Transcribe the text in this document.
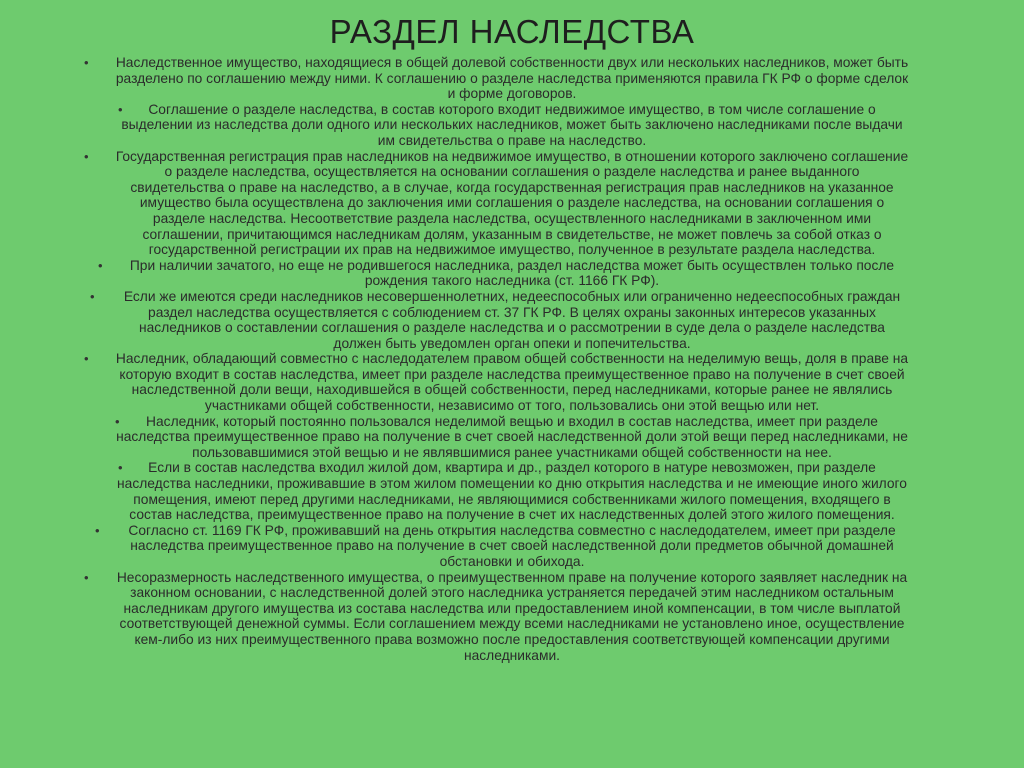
РАЗДЕЛ НАСЛЕДСТВА
•	Наследственное имущество, находящиеся в общей долевой собственности двух или нескольких наследников, может быть
разделено по соглашению между ними. К соглашению о разделе наследства применяются правила ГК РФ о форме сделок
и форме договоров.
•	Соглашение о разделе наследства, в состав которого входит недвижимое имущество, в том числе соглашение о
выделении из наследства доли одного или нескольких наследников, может быть заключено наследниками после выдачи
им свидетельства о праве на наследство.
•	Государственная регистрация прав наследников на недвижимое имущество, в отношении которого заключено соглашение
о разделе наследства, осуществляется на основании соглашения о разделе наследства и ранее выданного
свидетельства о праве на наследство, а в случае, когда государственная регистрация прав наследников на указанное
имущество была осуществлена до заключения ими соглашения о разделе наследства, на основании соглашения о
разделе наследства. Несоответствие раздела наследства, осуществленного наследниками в заключенном ими
соглашении, причитающимся наследникам долям, указанным в свидетельстве, не может повлечь за собой отказ о
государственной регистрации их прав на недвижимое имущество, полученное в результате раздела наследства.
•	При наличии зачатого, но еще не родившегося наследника, раздел наследства может быть осуществлен только после
рождения такого наследника (ст. 1166 ГК РФ).
•	Если же имеются среди наследников несовершеннолетних, недееспособных или ограниченно недееспособных граждан
раздел наследства осуществляется с соблюдением ст. 37 ГК РФ. В целях охраны законных интересов указанных
наследников о составлении соглашения о разделе наследства и о рассмотрении в суде дела о разделе наследства
должен быть уведомлен орган опеки и попечительства.
•	Наследник, обладающий совместно с наследодателем правом общей собственности на неделимую вещь, доля в праве на
которую входит в состав наследства, имеет при разделе наследства преимущественное право на получение в счет своей
наследственной доли вещи, находившейся в общей собственности, перед наследниками, которые ранее не являлись
участниками общей собственности, независимо от того, пользовались они этой вещью или нет.
•	Наследник, который постоянно пользовался неделимой вещью и входил в состав наследства, имеет при разделе
наследства преимущественное право на получение в счет своей наследственной доли этой вещи перед наследниками, не
пользовавшимися этой вещью и не являвшимися ранее участниками общей собственности на нее.
•	Если в состав наследства входил жилой дом, квартира и др., раздел которого в натуре невозможен, при разделе
наследства наследники, проживавшие в этом жилом помещении ко дню открытия наследства и не имеющие иного жилого
помещения, имеют перед другими наследниками, не являющимися собственниками жилого помещения, входящего в
состав наследства, преимущественное право на получение в счет их наследственных долей этого жилого помещения.
•	Согласно ст. 1169 ГК РФ, проживавший на день открытия наследства совместно с наследодателем, имеет при разделе
наследства преимущественное право на получение в счет своей наследственной доли предметов обычной домашней
обстановки и обихода.
•	Несоразмерность наследственного имущества, о преимущественном праве на получение которого заявляет наследник на
законном основании, с наследственной долей этого наследника устраняется передачей этим наследником остальным
наследникам другого имущества из состава наследства или предоставлением иной компенсации, в том числе выплатой
соответствующей денежной суммы. Если соглашением между всеми наследниками не установлено иное, осуществление
кем-либо из них преимущественного права возможно после предоставления соответствующей компенсации другими
наследниками.
